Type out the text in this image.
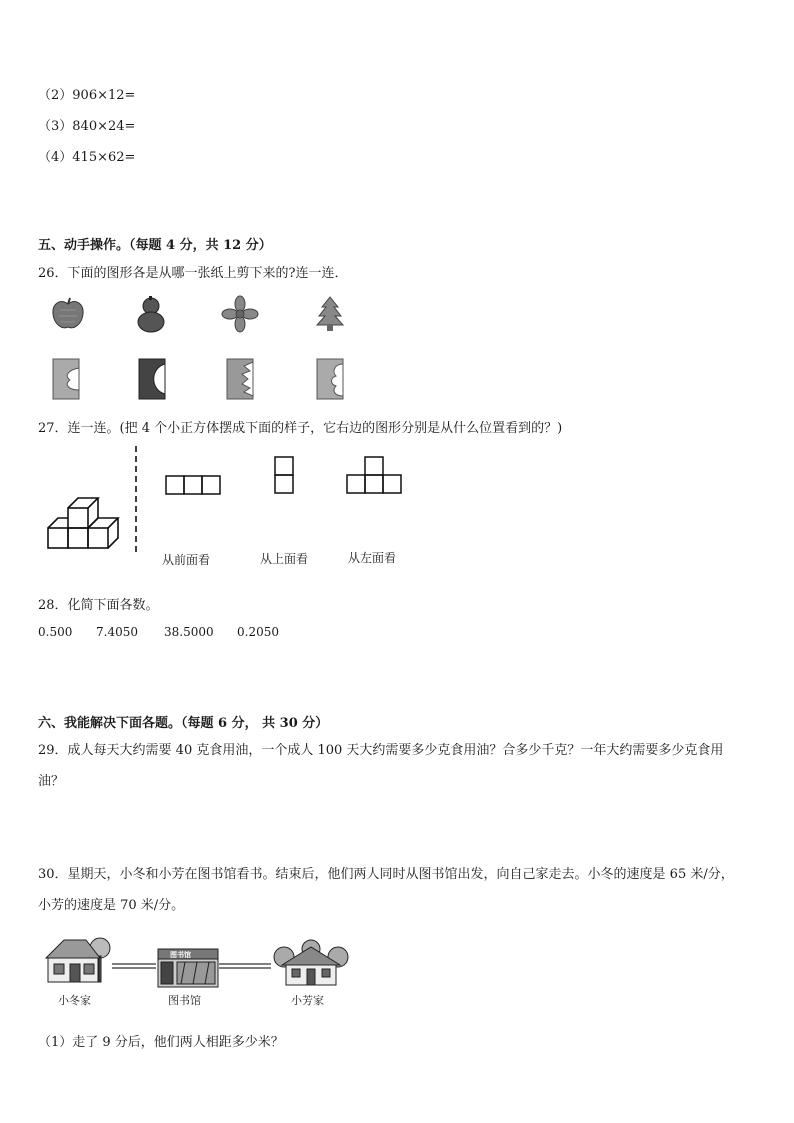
（2）906×12=
（3）840×24=
（4）415×62=
五、动手操作。（每题 4 分，共 12 分）
26．下面的图形各是从哪一张纸上剪下来的?连一连．
27．连一连。(把 4 个小正方体摆成下面的样子，它右边的图形分别是从什么位置看到的？)
从前面看	从上面看	从左面看
28．化简下面各数。
0.500 7.4050 38.5000 0.2050
六、我能解决下面各题。（每题 6 分， 共 30 分）
29．成人每天大约需要 40 克食用油，一个成人 100 天大约需要多少克食用油？合多少千克？一年大约需要多少克食用
油？
30．星期天，小冬和小芳在图书馆看书。结束后，他们两人同时从图书馆出发，向自己家走去。小冬的速度是 65 米/分，
小芳的速度是 70 米/分。
图书馆
小冬家	图书馆	小芳家
（1）走了 9 分后，他们两人相距多少米？
